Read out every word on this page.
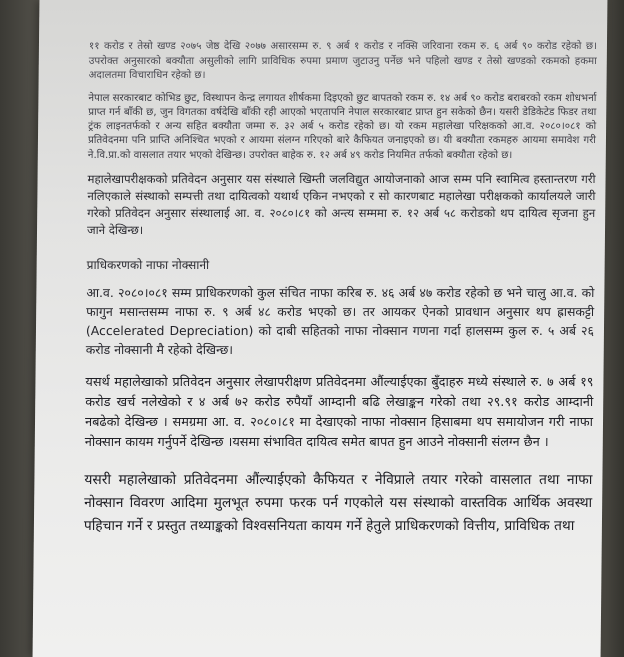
११ करोड र तेस्रो खण्ड २०७५ जेष्ठ देखि २०७७ असारसम्म रु. ९ अर्ब १ करोड र नक्सि जरिवाना रकम रु. ६ अर्ब ९० करोड रहेको छ। उपरोक्त अनुसारको बक्यौता असुलीको लागि प्राविधिक रुपमा प्रमाण जुटाउनु पर्नेछ भने पहिलो खण्ड र तेस्रो खण्डको रकमको हकमा अदालतमा विचाराधिन रहेको छ।

नेपाल सरकारबाट कोभिड छुट, विस्थापन केन्द्र लगायत शीर्षकमा दिइएको छुट बापतको रकम रु. १४ अर्ब ९० करोड बराबरको रकम शोधभर्ना प्राप्त गर्न बाँकी छ, जुन विगतका वर्षदेखि बाँकी रही आएको भएतापनि नेपाल सरकारबाट प्राप्त हुन सकेको छैन। यसरी डेडिकेटेड फिडर तथा ट्रंक लाइनतर्फको र अन्य सहित बक्यौता जम्मा रु. ३२ अर्ब ५ करोड रहेको छ। यो रकम महालेखा परिक्षकको आ.व. २०८०।०८१ को प्रतिवेदनमा पनि प्राप्ति अनिश्चित भएको र आयमा संलग्न गरिएको बारे कैफियत जनाइएको छ। यी बक्यौता रकमहरु आयमा समावेश गरी ने.वि.प्रा.को वासलात तयार भएको देखिन्छ। उपरोक्त बाहेक रु. १२ अर्ब ४९ करोड नियमित तर्फको बक्यौता रहेको छ।

महालेखापरीक्षकको प्रतिवेदन अनुसार यस संस्थाले खिम्ती जलविद्युत आयोजनाको आज सम्म पनि स्वामित्व हस्तान्तरण गरी नलिएकाले संस्थाको सम्पत्ती तथा दायित्वको यथार्थ एकिन नभएको र सो कारणबाट महालेखा परीक्षकको कार्यालयले जारी गरेको प्रतिवेदन अनुसार संस्थालाई आ. व. २०८०।८१ को अन्त्य सम्ममा रु. १२ अर्ब ५८ करोडको थप दायित्व सृजना हुन जाने देखिन्छ।

प्राधिकरणको नाफा नोक्सानी

आ.व. २०८०।०८१ सम्म प्राधिकरणको कुल संचित नाफा करिब रु. ४६ अर्ब ४७ करोड रहेको छ भने चालु आ.व. को फागुन मसान्तसम्म नाफा रु. ९ अर्ब ४८ करोड भएको छ। तर आयकर ऐनको प्रावधान अनुसार थप ह्रासकट्टी (Accelerated Depreciation) को दाबी सहितको नाफा नोक्सान गणना गर्दा हालसम्म कुल रु. ५ अर्ब २६ करोड नोक्सानी मै रहेको देखिन्छ।

यसर्थ महालेखाको प्रतिवेदन अनुसार लेखापरीक्षण प्रतिवेदनमा औंल्याईएका बुँदाहरु मध्ये संस्थाले रु. ७ अर्ब १९ करोड खर्च नलेखेको र ४ अर्ब ७२ करोड रुपैयाँ आम्दानी बढि लेखाङ्कन गरेको तथा २९.९१ करोड आम्दानी नबढेको देखिन्छ । समग्रमा आ. व. २०८०।८१ मा देखाएको नाफा नोक्सान हिसाबमा थप समायोजन गरी नाफा नोक्सान कायम गर्नुपर्ने देखिन्छ ।यसमा संभावित दायित्व समेत बापत हुन आउने नोक्सानी संलग्न छैन ।

यसरी महालेखाको प्रतिवेदनमा औंल्याईएको कैफियत र नेविप्राले तयार गरेको वासलात तथा नाफा नोक्सान विवरण आदिमा मुलभूत रुपमा फरक पर्न गएकोले यस संस्थाको वास्तविक आर्थिक अवस्था पहिचान गर्ने र प्रस्तुत तथ्याङ्कको विश्वसनियता कायम गर्ने हेतुले प्राधिकरणको वित्तीय, प्राविधिक तथा
